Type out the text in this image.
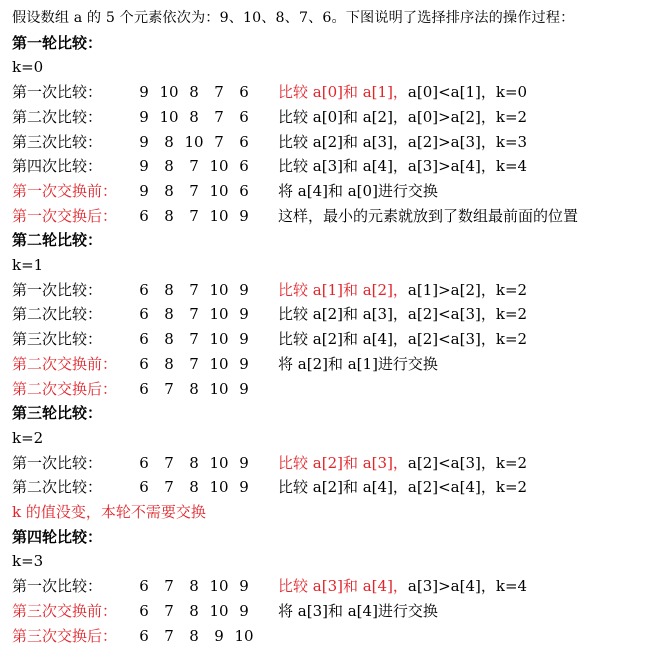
假设数组 a 的 5 个元素依次为：9、10、8、7、6。下图说明了选择排序法的操作过程：
第一轮比较：
k=0
第一次比较：	9 10 8	7	6	比较 a[0]和 a[1]，a[0]<a[1]，k=0
第二次比较：	9 10 8	7	6	比较 a[0]和 a[2]，a[0]>a[2]，k=2
第三次比较：	9	8 10 7	6	比较 a[2]和 a[3]，a[2]>a[3]，k=3
第四次比较：	9	8	7 10 6	比较 a[3]和 a[4]，a[3]>a[4]，k=4
第一次交换前：	9	8	7 10 6	将 a[4]和 a[0]进行交换
第一次交换后：	6	8	7 10 9	这样，最小的元素就放到了数组最前面的位置
第二轮比较：
k=1
第一次比较：	6	8	7 10 9	比较 a[1]和 a[2]，a[1]>a[2]，k=2
第二次比较：	6	8	7 10 9	比较 a[2]和 a[3]，a[2]<a[3]，k=2
第三次比较：	6	8	7 10 9	比较 a[2]和 a[4]，a[2]<a[3]，k=2
第二次交换前：	6	8	7 10 9	将 a[2]和 a[1]进行交换
第二次交换后：	6	7	8 10 9
第三轮比较：
k=2
第一次比较：	6	7	8 10 9	比较 a[2]和 a[3]，a[2]<a[3]，k=2
第二次比较：	6	7	8 10 9	比较 a[2]和 a[4]，a[2]<a[4]，k=2
k 的值没变，本轮不需要交换
第四轮比较：
k=3
第一次比较：	6	7	8 10 9	比较 a[3]和 a[4]，a[3]>a[4]，k=4
第三次交换前：	6	7	8 10 9	将 a[3]和 a[4]进行交换
第三次交换后：	6	7	8	9 10
